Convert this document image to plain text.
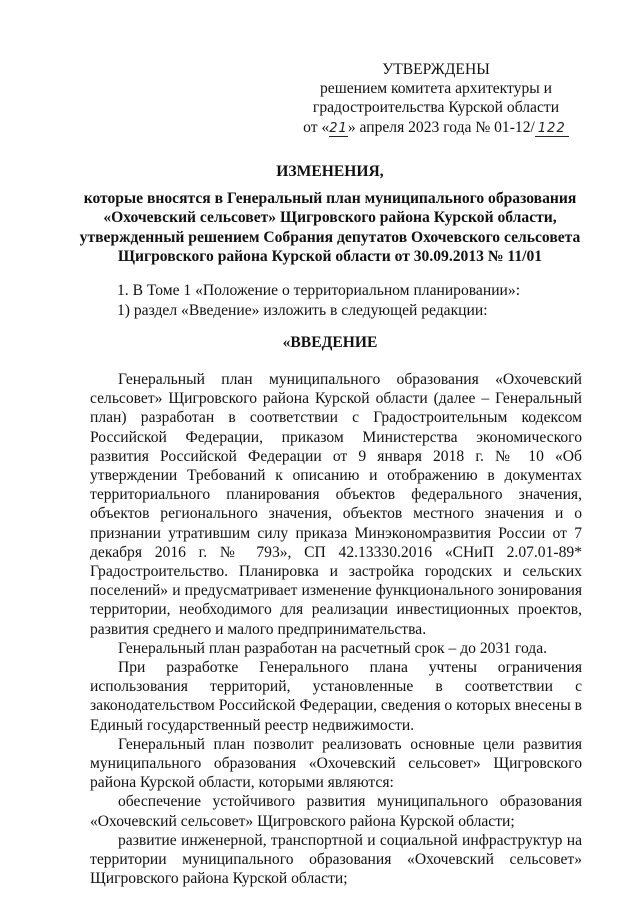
УТВЕРЖДЕНЫ
решением комитета архитектуры и
градостроительства Курской области
от «21» апреля 2023 года № 01-12/ 122
ИЗМЕНЕНИЯ,
которые вносятся в Генеральный план муниципального образования
«Охочевский сельсовет» Щигровского района Курской области,
утвержденный решением Собрания депутатов Охочевского сельсовета
Щигровского района Курской области от 30.09.2013 № 11/01
1. В Томе 1 «Положение о территориальном планировании»:
1) раздел «Введение» изложить в следующей редакции:
«ВВЕДЕНИЕ

Генеральный план муниципального образования «Охочевский сельсовет» Щигровского района Курской области (далее – Генеральный план) разработан в соответствии с Градостроительным кодексом Российской Федерации, приказом Министерства экономического развития Российской Федерации от 9 января 2018 г. № 10 «Об утверждении Требований к описанию и отображению в документах территориального планирования объектов федерального значения, объектов регионального значения, объектов местного значения и о признании утратившим силу приказа Минэкономразвития России от 7 декабря 2016 г. № 793», СП 42.13330.2016 «СНиП 2.07.01-89* Градостроительство. Планировка и застройка городских и сельских поселений» и предусматривает изменение функционального зонирования территории, необходимого для реализации инвестиционных проектов, развития среднего и малого предпринимательства.

Генеральный план разработан на расчетный срок – до 2031 года.

При разработке Генерального плана учтены ограничения использования территорий, установленные в соответствии с законодательством Российской Федерации, сведения о которых внесены в Единый государственный реестр недвижимости.

Генеральный план позволит реализовать основные цели развития муниципального образования «Охочевский сельсовет» Щигровского района Курской области, которыми являются:

обеспечение устойчивого развития муниципального образования «Охочевский сельсовет» Щигровского района Курской области;

развитие инженерной, транспортной и социальной инфраструктур на территории муниципального образования «Охочевский сельсовет» Щигровского района Курской области;
